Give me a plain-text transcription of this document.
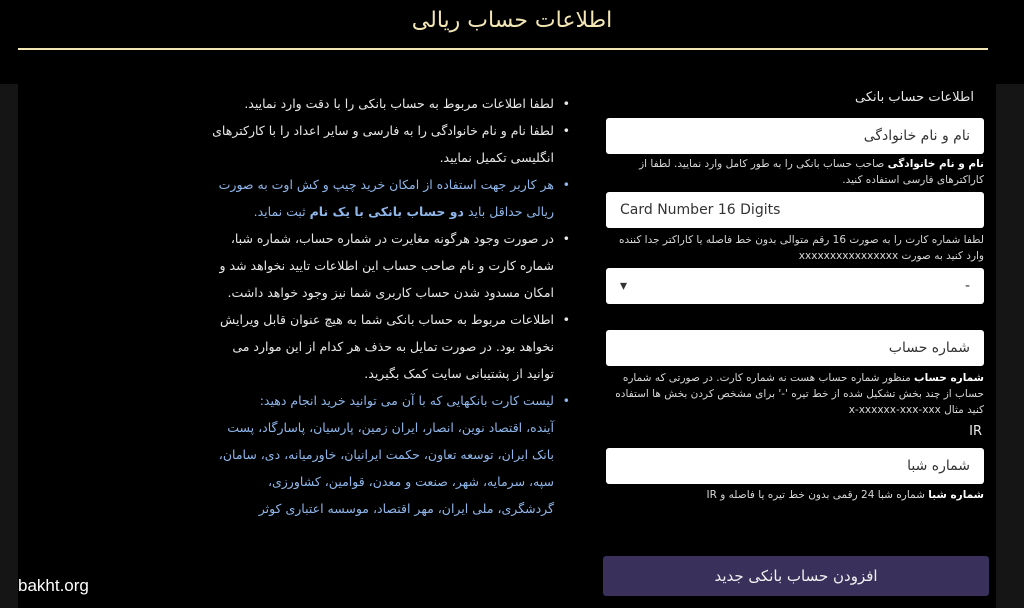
اطلاعات حساب ریالی
• لطفا اطلاعات مربوط به حساب بانکی را با دقت وارد نمایید.
• لطفا نام و نام خانوادگی را به فارسی و سایر اعداد را با کارکترهای انگلیسی تکمیل نمایید.
• هر کاربر جهت استفاده از امکان خرید چیپ و کش اوت به صورت ریالی حداقل باید دو حساب بانکی با یک نام ثبت نماید.
• در صورت وجود هرگونه مغایرت در شماره حساب، شماره شبا، شماره کارت و نام صاحب حساب این اطلاعات تایید نخواهد شد و امکان مسدود شدن حساب کاربری شما نیز وجود خواهد داشت.
• اطلاعات مربوط به حساب بانکی شما به هیچ عنوان قابل ویرایش نخواهد بود. در صورت تمایل به حذف هر کدام از این موارد می توانید از پشتیبانی سایت کمک بگیرید.
• لیست کارت بانکهایی که با آن می توانید خرید انجام دهید:
آینده، اقتصاد نوین، انصار، ایران زمین، پارسیان، پاسارگاد، پست بانک ایران، توسعه تعاون، حکمت ایرانیان، خاورمیانه، دی، سامان، سپه، سرمایه، شهر، صنعت و معدن، قوامین، کشاورزی، گردشگری، ملی ایران، مهر اقتصاد، موسسه اعتباری کوثر
اطلاعات حساب بانکی
نام و نام خانوادگی
نام و نام خانوادگی صاحب حساب بانکی را به طور کامل وارد نمایید. لطفا از کاراکترهای فارسی استفاده کنید.
Card Number 16 Digits
لطفا شماره کارت را به صورت 16 رقم متوالی بدون خط فاصله یا کاراکتر جدا کننده وارد کنید به صورت xxxxxxxxxxxxxxxx
▾	-
شماره حساب
شماره حساب منظور شماره حساب هست نه شماره کارت. در صورتی که شماره حساب از چند بخش تشکیل شده از خط تیره '-' برای مشخص کردن بخش ها استفاده کنید مثال x-xxxxxx-xxx-xxx
IR
شماره شبا
شماره شبا شماره شبا 24 رقمی بدون خط تیره یا فاصله و IR
افزودن حساب بانکی جدید
bakht.org
